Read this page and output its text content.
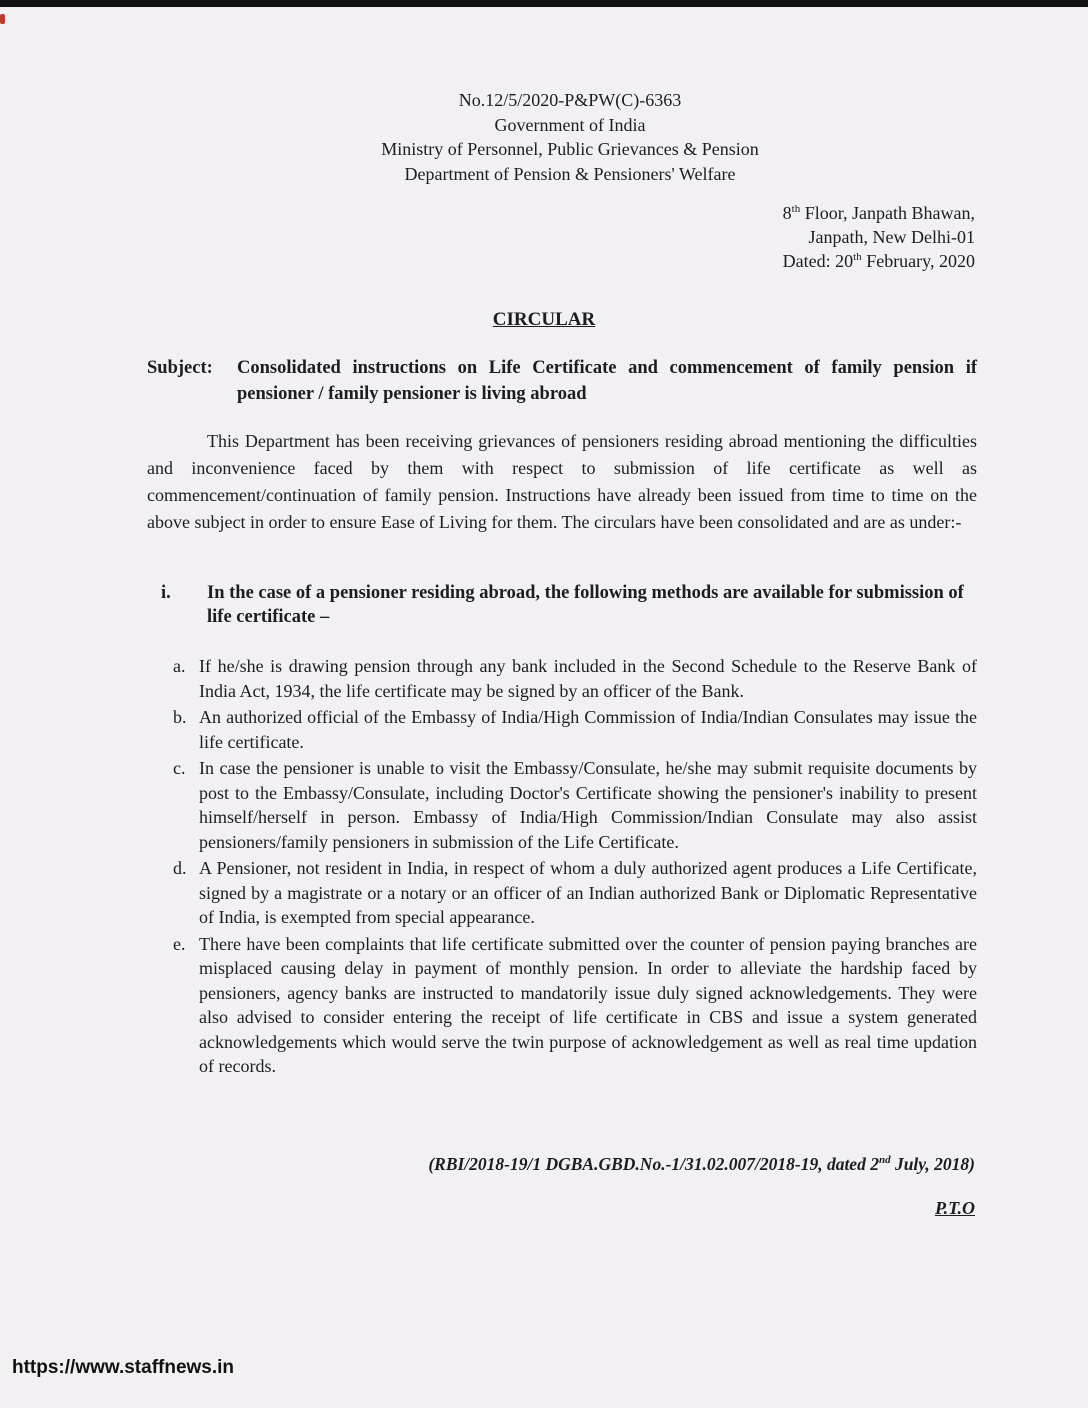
No.12/5/2020-P&PW(C)-6363
Government of India
Ministry of Personnel, Public Grievances & Pension
Department of Pension & Pensioners' Welfare
8th Floor, Janpath Bhawan,
Janpath, New Delhi-01
Dated: 20th February, 2020
CIRCULAR
Subject:	Consolidated instructions on Life Certificate and commencement of family pension if pensioner / family pensioner is living abroad
This Department has been receiving grievances of pensioners residing abroad mentioning the difficulties and inconvenience faced by them with respect to submission of life certificate as well as commencement/continuation of family pension. Instructions have already been issued from time to time on the above subject in order to ensure Ease of Living for them. The circulars have been consolidated and are as under:-
i.	In the case of a pensioner residing abroad, the following methods are available for submission of life certificate –
a. If he/she is drawing pension through any bank included in the Second Schedule to the Reserve Bank of India Act, 1934, the life certificate may be signed by an officer of the Bank.
b. An authorized official of the Embassy of India/High Commission of India/Indian Consulates may issue the life certificate.
c. In case the pensioner is unable to visit the Embassy/Consulate, he/she may submit requisite documents by post to the Embassy/Consulate, including Doctor's Certificate showing the pensioner's inability to present himself/herself in person. Embassy of India/High Commission/Indian Consulate may also assist pensioners/family pensioners in submission of the Life Certificate.
d. A Pensioner, not resident in India, in respect of whom a duly authorized agent produces a Life Certificate, signed by a magistrate or a notary or an officer of an Indian authorized Bank or Diplomatic Representative of India, is exempted from special appearance.
e. There have been complaints that life certificate submitted over the counter of pension paying branches are misplaced causing delay in payment of monthly pension. In order to alleviate the hardship faced by pensioners, agency banks are instructed to mandatorily issue duly signed acknowledgements. They were also advised to consider entering the receipt of life certificate in CBS and issue a system generated acknowledgements which would serve the twin purpose of acknowledgement as well as real time updation of records.
(RBI/2018-19/1 DGBA.GBD.No.-1/31.02.007/2018-19, dated 2nd July, 2018)
P.T.O
https://www.staffnews.in
